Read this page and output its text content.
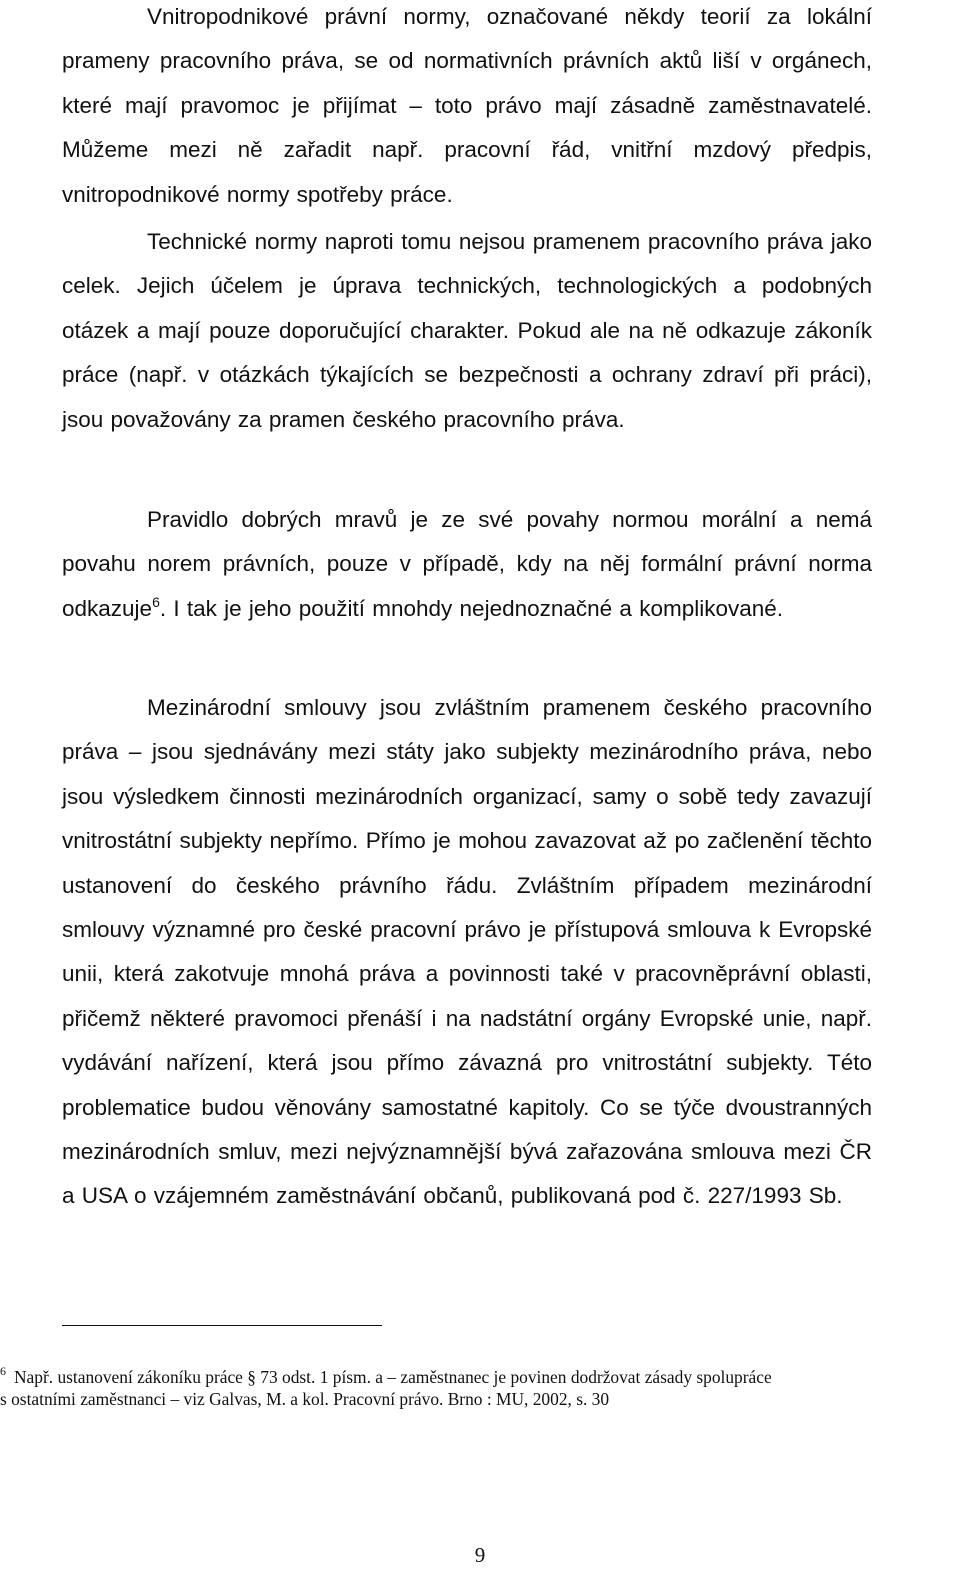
Vnitropodnikové právní normy, označované někdy teorií za lokální prameny pracovního práva, se od normativních právních aktů liší v orgánech, které mají pravomoc je přijímat – toto právo mají zásadně zaměstnavatelé. Můžeme mezi ně zařadit např. pracovní řád, vnitřní mzdový předpis, vnitropodnikové normy spotřeby práce.

Technické normy naproti tomu nejsou pramenem pracovního práva jako celek. Jejich účelem je úprava technických, technologických a podobných otázek a mají pouze doporučující charakter. Pokud ale na ně odkazuje zákoník práce (např. v otázkách týkajících se bezpečnosti a ochrany zdraví při práci), jsou považovány za pramen českého pracovního práva.

Pravidlo dobrých mravů je ze své povahy normou morální a nemá povahu norem právních, pouze v případě, kdy na něj formální právní norma odkazuje$^6$. I tak je jeho použití mnohdy nejednoznačné a komplikované.

Mezinárodní smlouvy jsou zvláštním pramenem českého pracovního práva – jsou sjednávány mezi státy jako subjekty mezinárodního práva, nebo jsou výsledkem činnosti mezinárodních organizací, samy o sobě tedy zavazují vnitrostátní subjekty nepřímo. Přímo je mohou zavazovat až po začlenění těchto ustanovení do českého právního řádu. Zvláštním případem mezinárodní smlouvy významné pro české pracovní právo je přístupová smlouva k Evropské unii, která zakotvuje mnohá práva a povinnosti také v pracovněprávní oblasti, přičemž některé pravomoci přenáší i na nadstátní orgány Evropské unie, např. vydávání nařízení, která jsou přímo závazná pro vnitrostátní subjekty. Této problematice budou věnovány samostatné kapitoly. Co se týče dvoustranných mezinárodních smluv, mezi nejvýznamnější bývá zařazována smlouva mezi ČR a USA o vzájemném zaměstnávání občanů, publikovaná pod č. 227/1993 Sb.

$^6$ Např. ustanovení zákoníku práce § 73 odst. 1 písm. a – zaměstnanec je povinen dodržovat zásady spolupráce
s ostatními zaměstnanci – viz Galvas, M. a kol. Pracovní právo. Brno : MU, 2002, s. 30
9
